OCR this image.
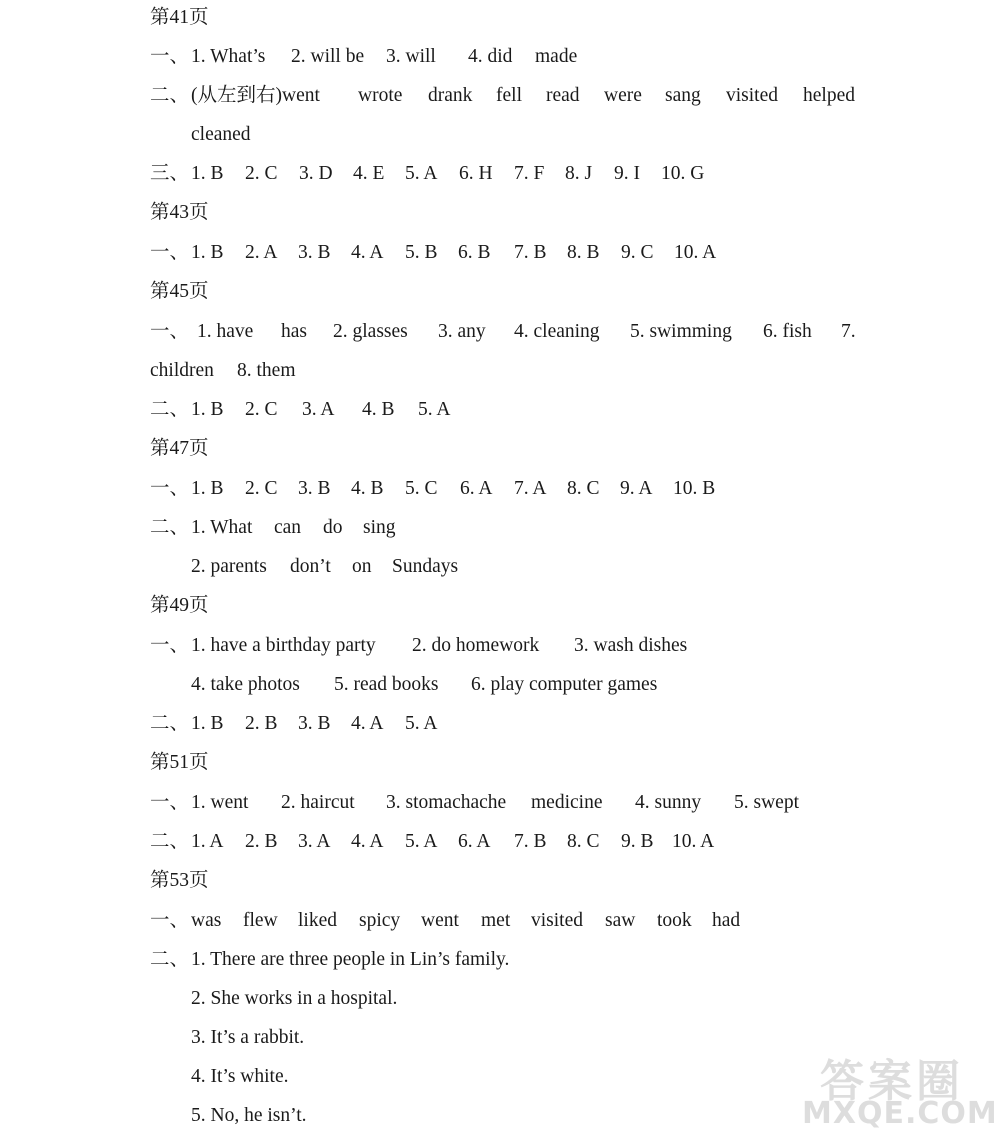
第41页
第43页
第45页
第47页
第49页
第51页
第53页
一、 1. What’s 2. will be 3. will 4. did made
二、 (从左到右)went wrote drank fell read were sang visited helped
cleaned
三、 1. B 2. C 3. D 4. E 5. A 6. H 7. F 8. J 9. I 10. G
一、 1. B 2. A 3. B 4. A 5. B 6. B 7. B 8. B 9. C 10. A
一、 1. have has 2. glasses 3. any 4. cleaning 5. swimming 6. fish 7.
children 8. them
二、 1. B 2. C 3. A 4. B 5. A
一、 1. B 2. C 3. B 4. B 5. C 6. A 7. A 8. C 9. A 10. B
二、 1. What can do sing
2. parents don’t on Sundays
一、 1. have a birthday party 2. do homework 3. wash dishes
4. take photos 5. read books 6. play computer games
二、 1. B 2. B 3. B 4. A 5. A
一、 1. went 2. haircut 3. stomachache medicine 4. sunny 5. swept
二、 1. A 2. B 3. A 4. A 5. A 6. A 7. B 8. C 9. B 10. A
一、 was flew liked spicy went met visited saw took had
二、 1. There are three people in Lin’s family.
2. She works in a hospital.
3. It’s a rabbit.
4. It’s white.
5. No, he isn’t.
答案圈
MXQE.COM
